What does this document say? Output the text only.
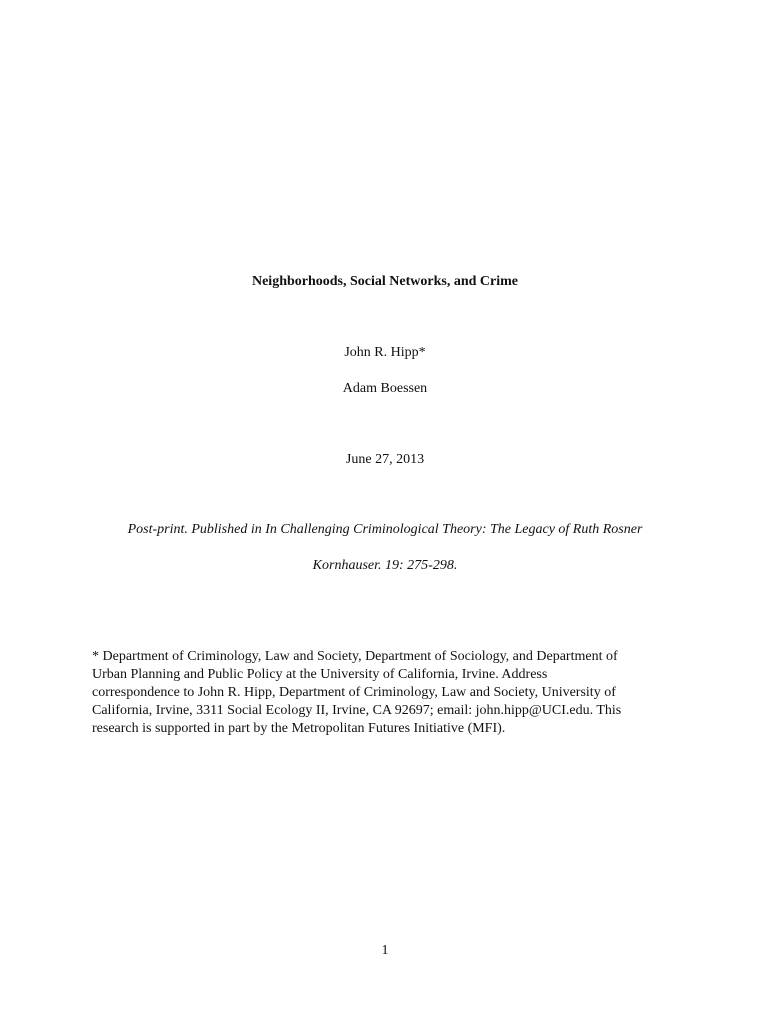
Neighborhoods, Social Networks, and Crime
John R. Hipp*
Adam Boessen
June 27, 2013
Post-print. Published in In Challenging Criminological Theory: The Legacy of Ruth Rosner
Kornhauser. 19: 275-298.
* Department of Criminology, Law and Society, Department of Sociology, and Department of
Urban Planning and Public Policy at the University of California, Irvine. Address
correspondence to John R. Hipp, Department of Criminology, Law and Society, University of
California, Irvine, 3311 Social Ecology II, Irvine, CA 92697; email: john.hipp@UCI.edu. This
research is supported in part by the Metropolitan Futures Initiative (MFI).
1
